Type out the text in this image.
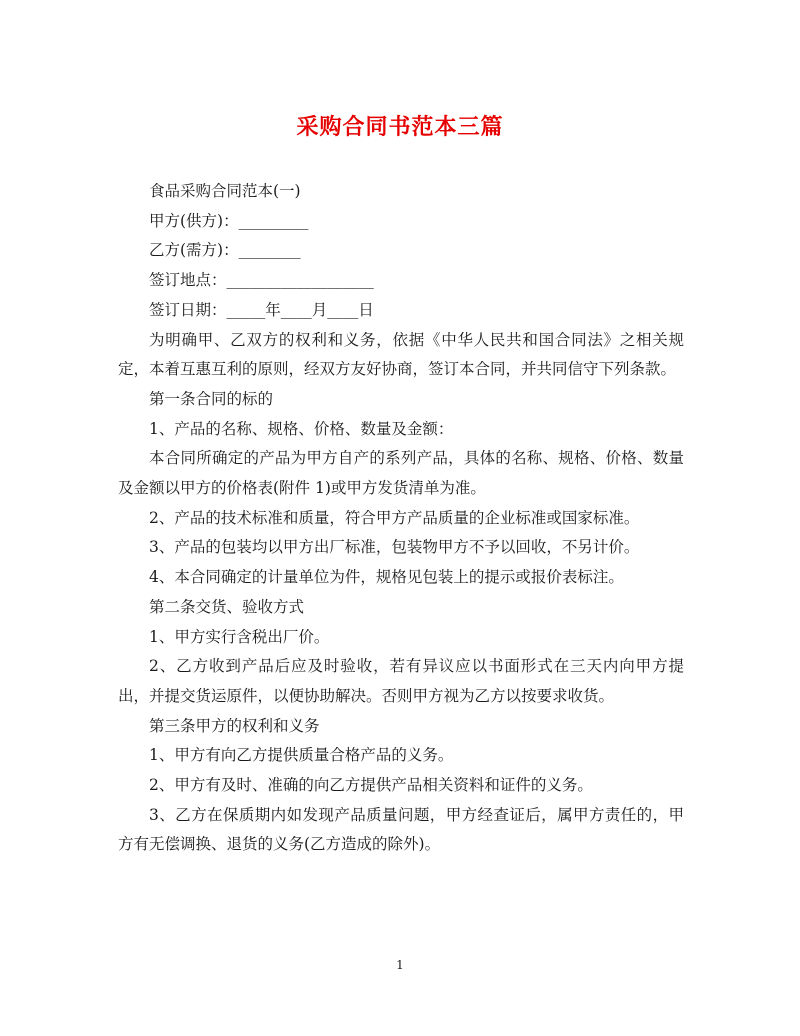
采购合同书范本三篇

食品采购合同范本(一)

甲方(供方)：_________

乙方(需方)：________

签订地点：___________________

签订日期：_____年____月____日

为明确甲、乙双方的权利和义务，依据《中华人民共和国合同法》之相关规定，本着互惠互利的原则，经双方友好协商，签订本合同，并共同信守下列条款。

第一条合同的标的

1、产品的名称、规格、价格、数量及金额：

本合同所确定的产品为甲方自产的系列产品，具体的名称、规格、价格、数量及金额以甲方的价格表(附件 1)或甲方发货清单为准。

2、产品的技术标准和质量，符合甲方产品质量的企业标准或国家标准。

3、产品的包装均以甲方出厂标准，包装物甲方不予以回收，不另计价。

4、本合同确定的计量单位为件，规格见包装上的提示或报价表标注。

第二条交货、验收方式

1、甲方实行含税出厂价。

2、乙方收到产品后应及时验收，若有异议应以书面形式在三天内向甲方提出，并提交货运原件，以便协助解决。否则甲方视为乙方以按要求收货。

第三条甲方的权利和义务

1、甲方有向乙方提供质量合格产品的义务。

2、甲方有及时、准确的向乙方提供产品相关资料和证件的义务。

3、乙方在保质期内如发现产品质量问题，甲方经查证后，属甲方责任的，甲方有无偿调换、退货的义务(乙方造成的除外)。

1
